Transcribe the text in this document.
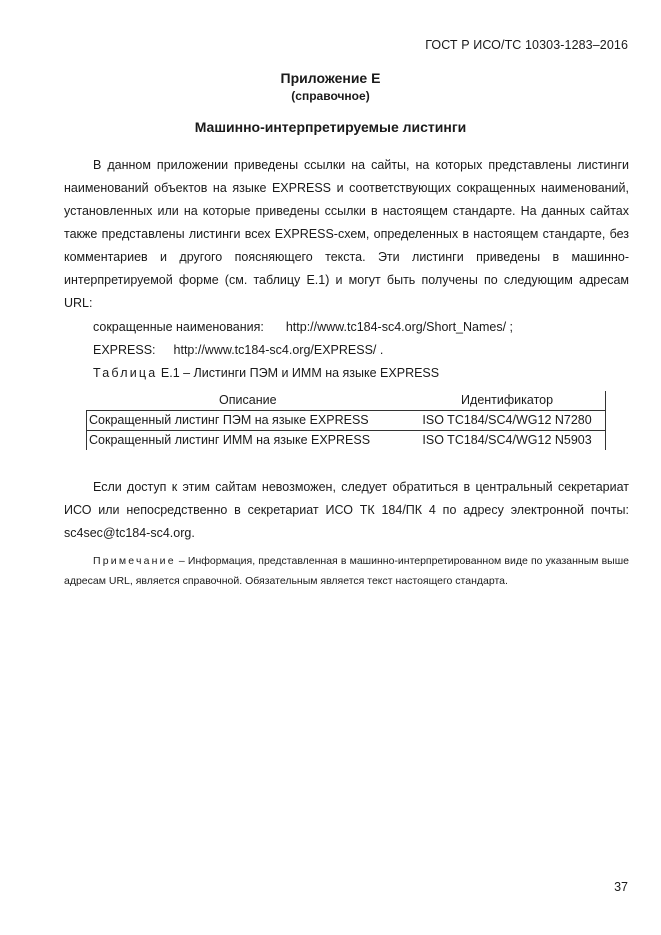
ГОСТ Р ИСО/ТС 10303-1283–2016
Приложение Е
(справочное)
Машинно-интерпретируемые листинги

В данном приложении приведены ссылки на сайты, на которых представлены листинги наименований объектов на языке EXPRESS и соответствующих сокращенных наименований, установленных или на которые приведены ссылки в настоящем стандарте. На данных сайтах также представлены листинги всех EXPRESS-схем, определенных в настоящем стандарте, без комментариев и другого поясняющего текста. Эти листинги приведены в машинно-интерпретируемой форме (см. таблицу Е.1) и могут быть получены по следующим адресам URL:

сокращенные наименования: http://www.tc184-sc4.org/Short_Names/ ;
EXPRESS: http://www.tc184-sc4.org/EXPRESS/ .
Таблица Е.1 – Листинги ПЭМ и ИММ на языке EXPRESS
Описание	Идентификатор
Сокращенный листинг ПЭМ на языке EXPRESS	ISO TC184/SC4/WG12 N7280
Сокращенный листинг ИММ на языке EXPRESS	ISO TC184/SC4/WG12 N5903

Если доступ к этим сайтам невозможен, следует обратиться в центральный секретариат ИСО или непосредственно в секретариат ИСО ТК 184/ПК 4 по адресу электронной почты: sc4sec@tc184-sc4.org.

Примечание – Информация, представленная в машинно-интерпретированном виде по указанным выше адресам URL, является справочной. Обязательным является текст настоящего стандарта.

37
